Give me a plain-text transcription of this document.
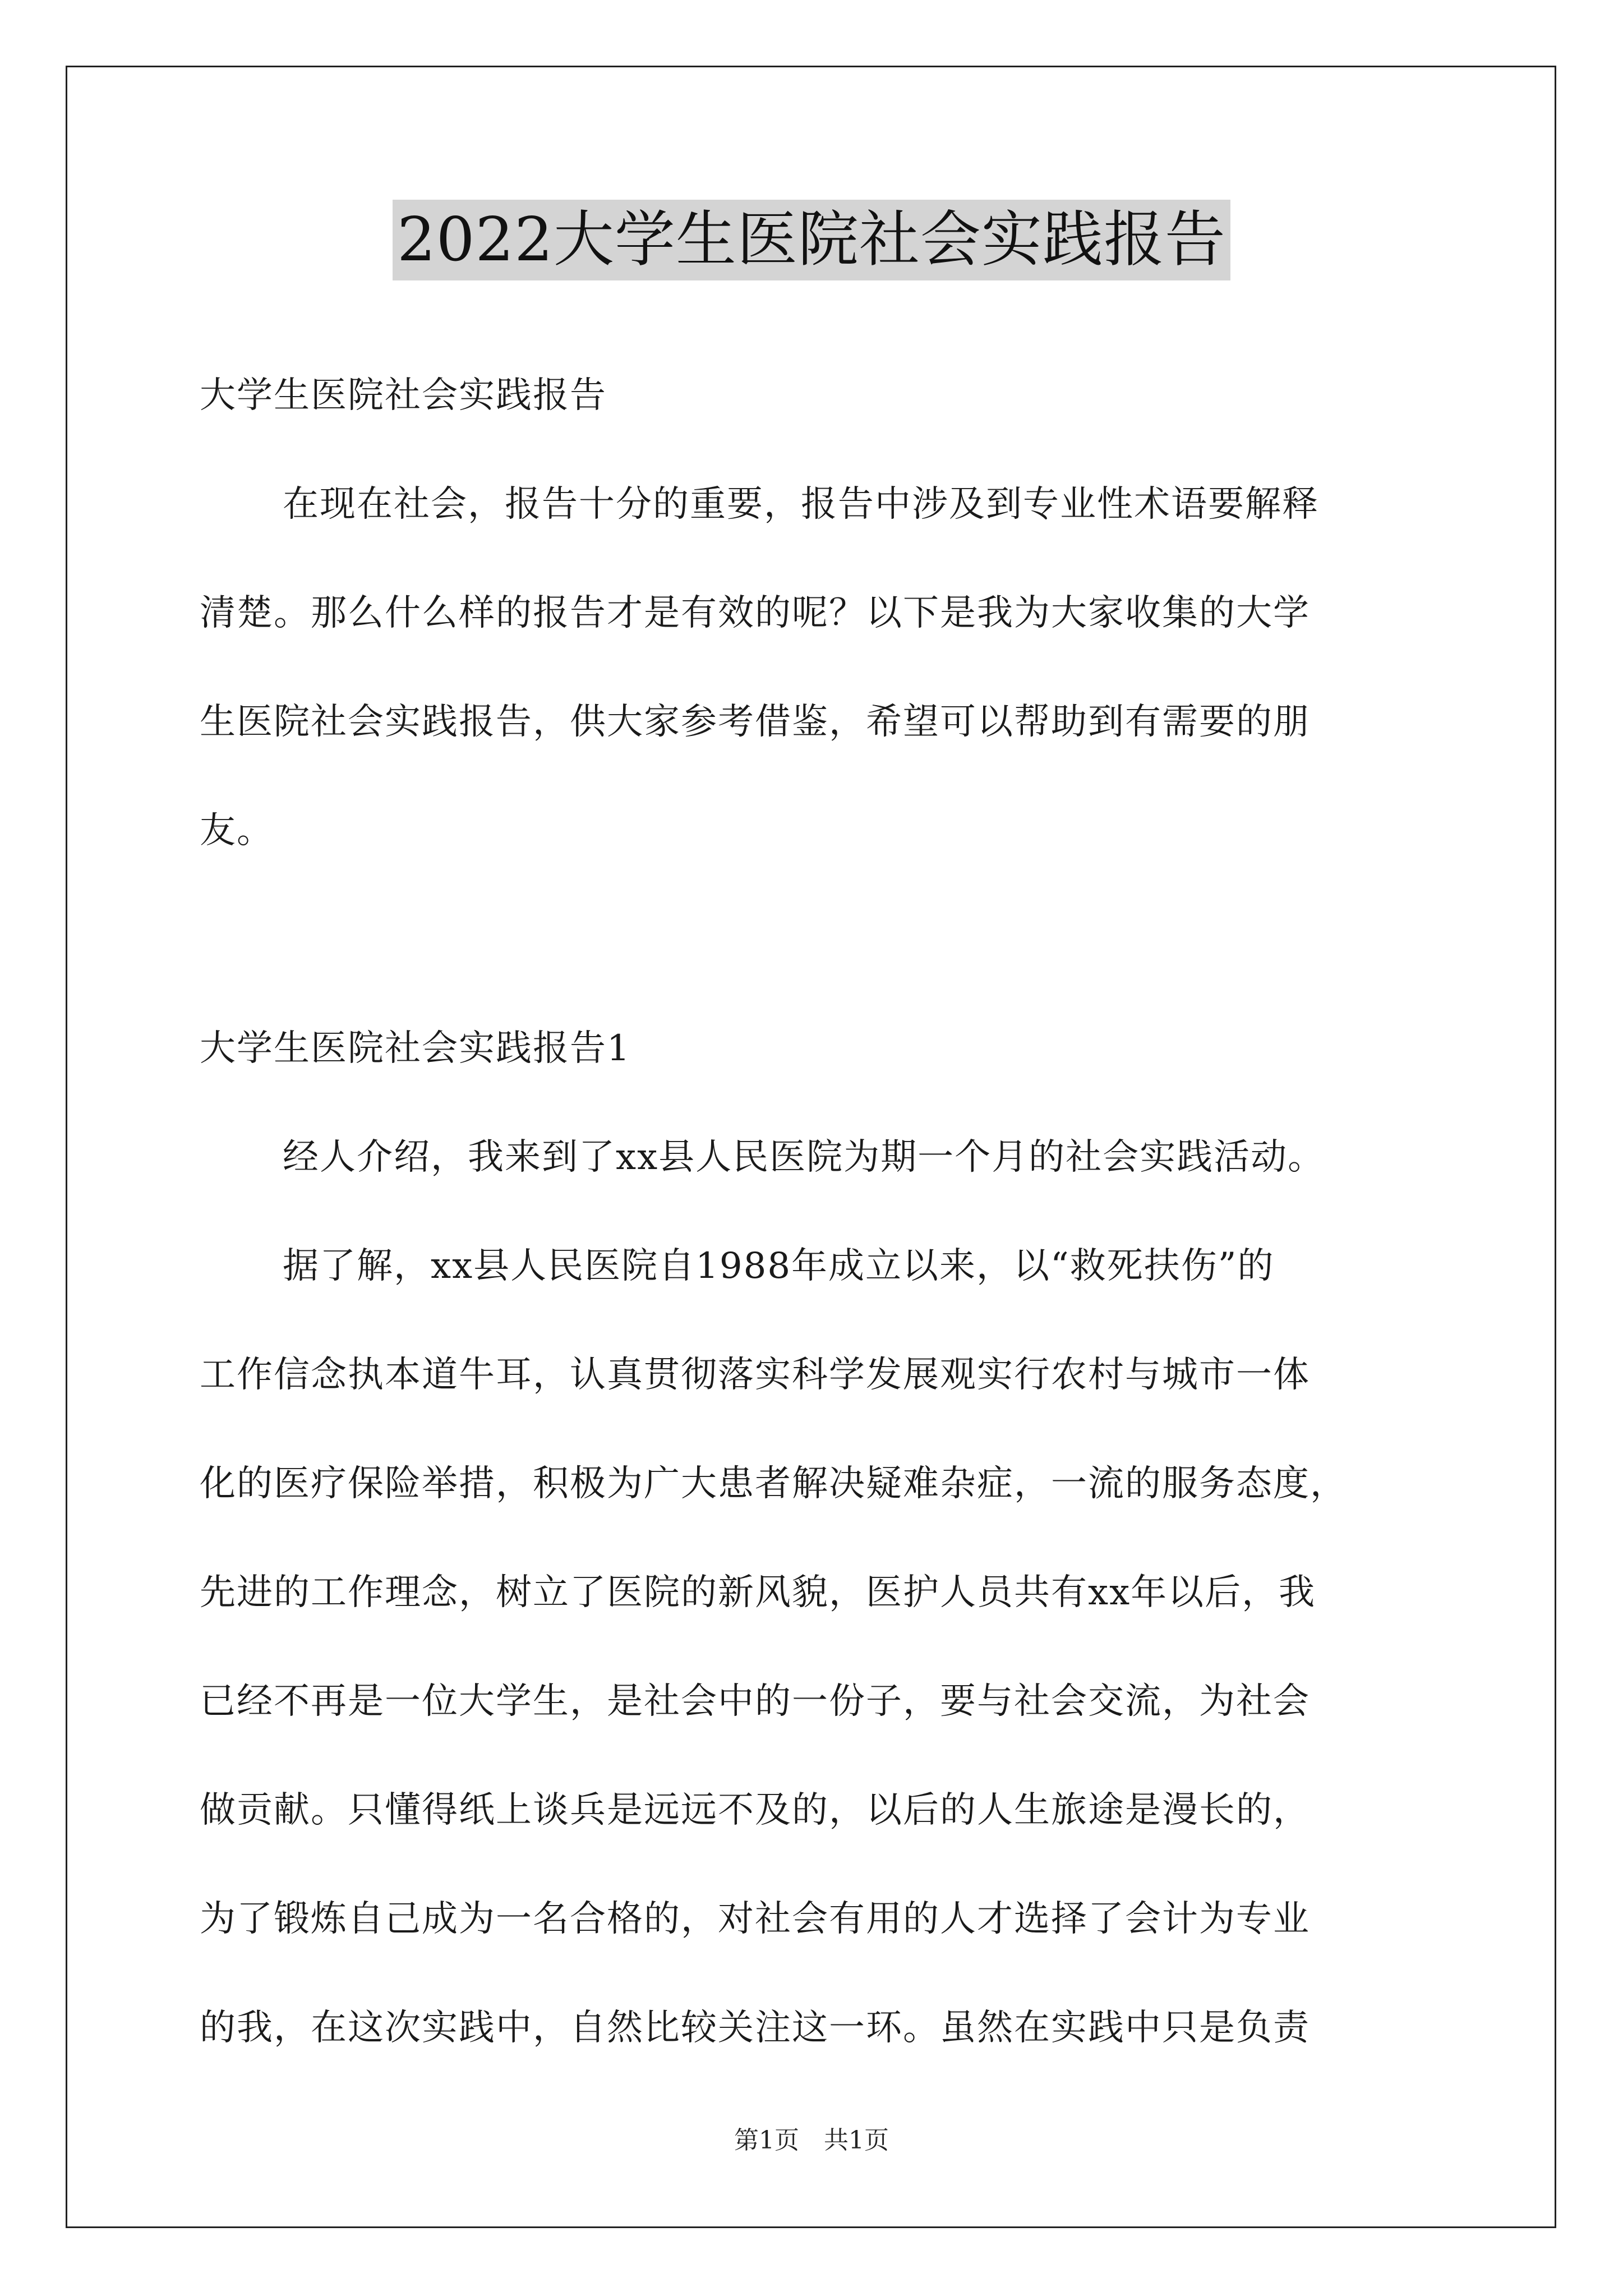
2022大学生医院社会实践报告
大学生医院社会实践报告
在现在社会，报告十分的重要，报告中涉及到专业性术语要解释
清楚。那么什么样的报告才是有效的呢？以下是我为大家收集的大学
生医院社会实践报告，供大家参考借鉴，希望可以帮助到有需要的朋
友。
大学生医院社会实践报告1
经人介绍，我来到了xx县人民医院为期一个月的社会实践活动。
据了解，xx县人民医院自1988年成立以来，以“救死扶伤”的
工作信念执本道牛耳，认真贯彻落实科学发展观实行农村与城市一体
化的医疗保险举措，积极为广大患者解决疑难杂症，一流的服务态度，
先进的工作理念，树立了医院的新风貌，医护人员共有xx年以后，我
已经不再是一位大学生，是社会中的一份子，要与社会交流，为社会
做贡献。只懂得纸上谈兵是远远不及的，以后的人生旅途是漫长的，
为了锻炼自己成为一名合格的，对社会有用的人才选择了会计为专业
的我，在这次实践中，自然比较关注这一环。虽然在实践中只是负责
第1页 共1页
